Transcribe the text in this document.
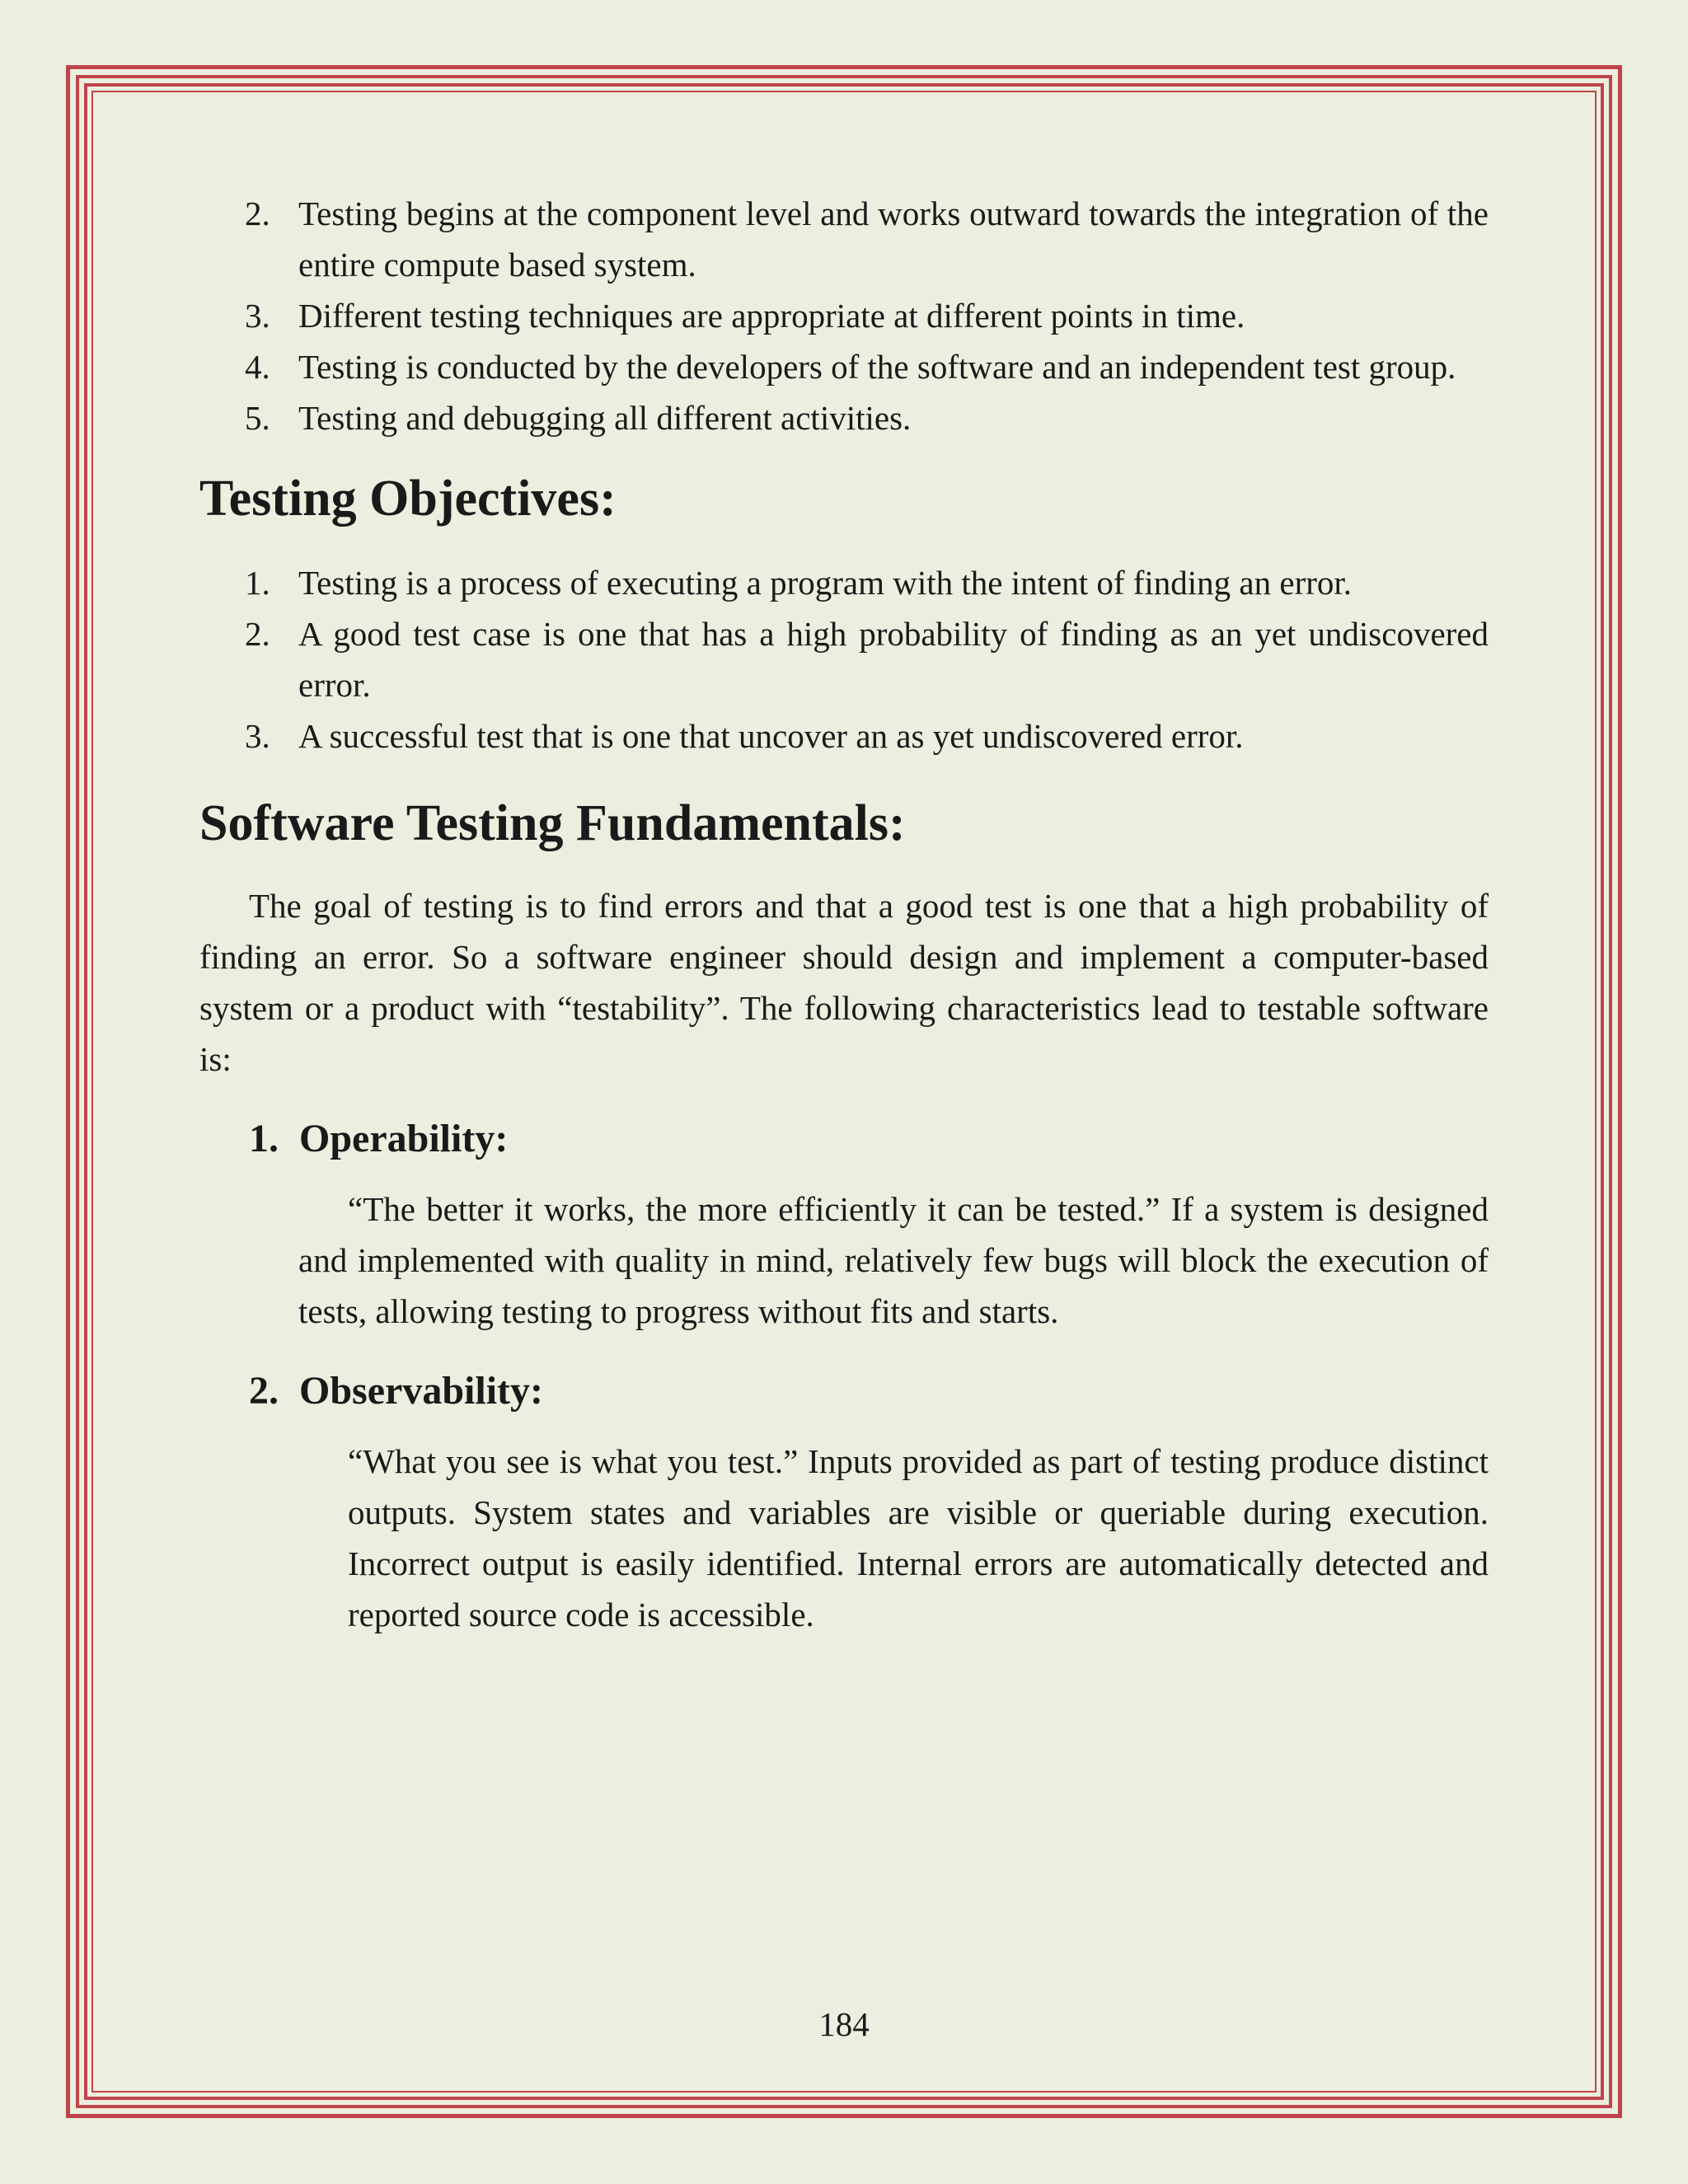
2. Testing begins at the component level and works outward towards the integration of the entire compute based system.
3. Different testing techniques are appropriate at different points in time.
4. Testing is conducted by the developers of the software and an independent test group.
5. Testing and debugging all different activities.
Testing Objectives:
1. Testing is a process of executing a program with the intent of finding an error.
2. A good test case is one that has a high probability of finding as an yet undiscovered error.
3. A successful test that is one that uncover an as yet undiscovered error.
Software Testing Fundamentals:

The goal of testing is to find errors and that a good test is one that a high probability of finding an error. So a software engineer should design and implement a computer-based system or a product with “testability”. The following characteristics lead to testable software is:

1. Operability:

“The better it works, the more efficiently it can be tested.” If a system is designed and implemented with quality in mind, relatively few bugs will block the execution of tests, allowing testing to progress without fits and starts.

2. Observability:

“What you see is what you test.” Inputs provided as part of testing produce distinct outputs. System states and variables are visible or queriable during execution. Incorrect output is easily identified. Internal errors are automatically detected and reported source code is accessible.

184
